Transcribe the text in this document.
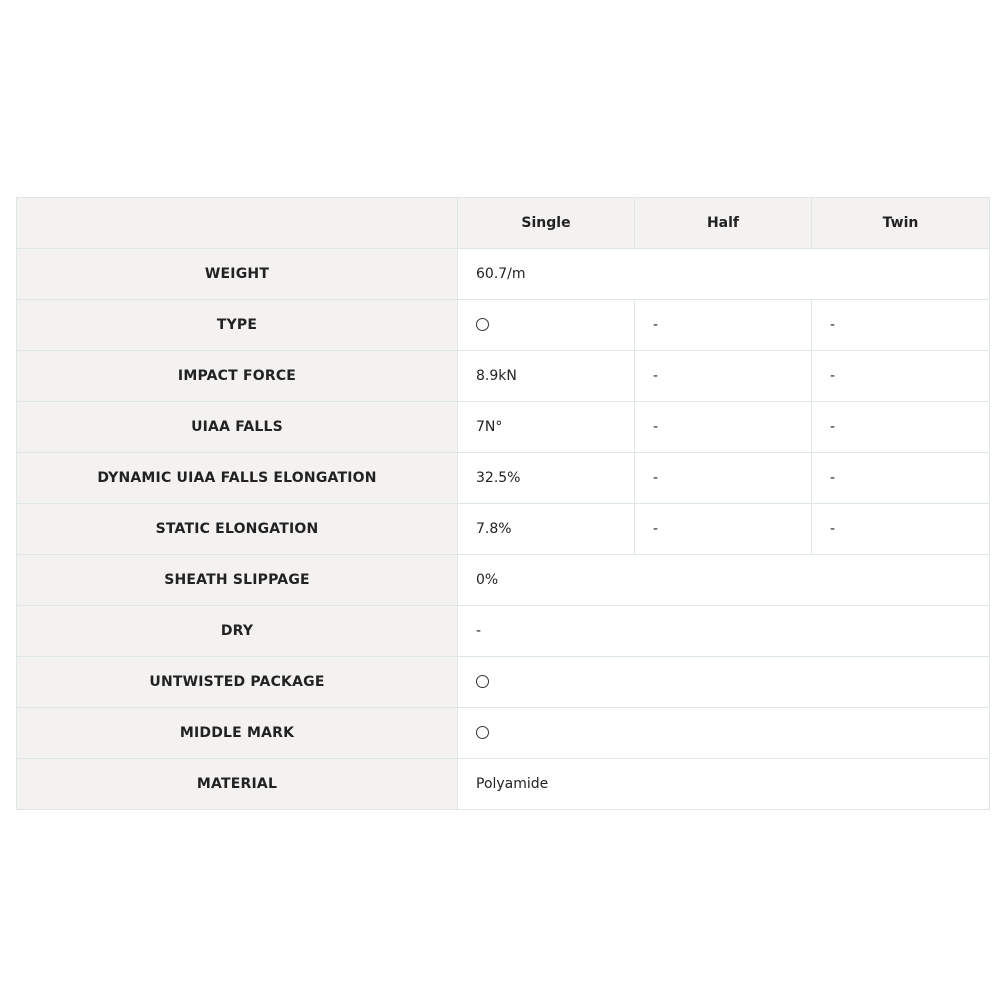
	Single	Half	Twin
WEIGHT	60.7/m		
TYPE		-	-
IMPACT FORCE	8.9kN	-	-
UIAA FALLS	7N°	-	-
DYNAMIC UIAA FALLS ELONGATION	32.5%	-	-
STATIC ELONGATION	7.8%	-	-
SHEATH SLIPPAGE	0%		
DRY	-		
UNTWISTED PACKAGE			
MIDDLE MARK			
MATERIAL	Polyamide		
